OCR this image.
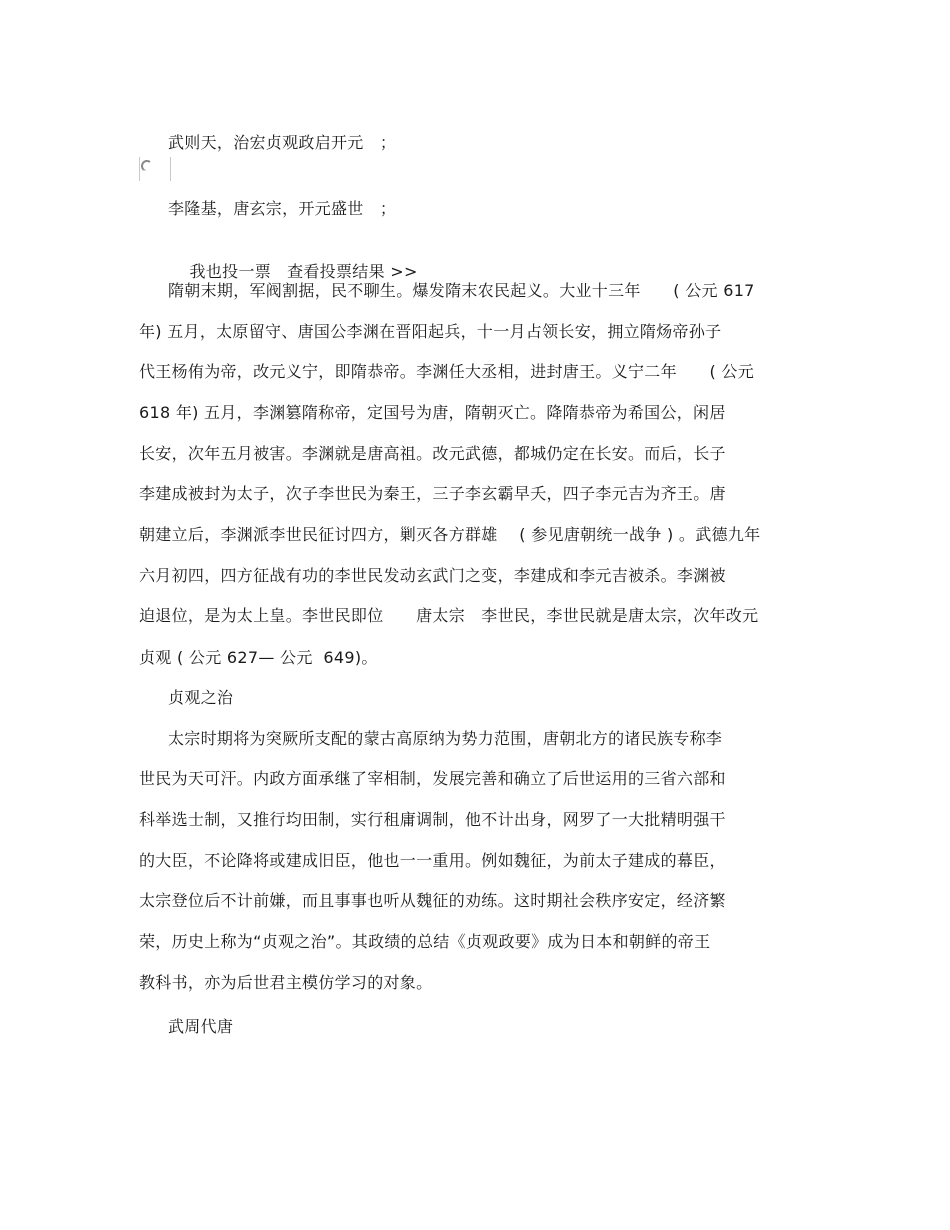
武则天，治宏贞观政启开元　；
李隆基，唐玄宗，开元盛世　；

我也投一票 查看投票结果 >>

隋朝末期，军阀割据，民不聊生。爆发隋末农民起义。大业十三年　　( 公元 617
年) 五月，太原留守、唐国公李渊在晋阳起兵，十一月占领长安，拥立隋炀帝孙子
代王杨侑为帝，改元义宁，即隋恭帝。李渊任大丞相，进封唐王。义宁二年　　( 公元
618 年) 五月，李渊篡隋称帝，定国号为唐，隋朝灭亡。降隋恭帝为希国公，闲居
长安，次年五月被害。李渊就是唐高祖。改元武德，都城仍定在长安。而后，长子
李建成被封为太子，次子李世民为秦王，三子李玄霸早夭，四子李元吉为齐王。唐
朝建立后，李渊派李世民征讨四方，剿灭各方群雄　 ( 参见唐朝统一战争 ) 。武德九年
六月初四，四方征战有功的李世民发动玄武门之变，李建成和李元吉被杀。李渊被
迫退位，是为太上皇。李世民即位　　唐太宗　李世民，李世民就是唐太宗，次年改元
贞观 ( 公元 627— 公元  649)。
贞观之治
太宗时期将为突厥所支配的蒙古高原纳为势力范围，唐朝北方的诸民族专称李
世民为天可汗。内政方面承继了宰相制，发展完善和确立了后世运用的三省六部和
科举选士制，又推行均田制，实行租庸调制，他不计出身，网罗了一大批精明强干
的大臣，不论降将或建成旧臣，他也一一重用。例如魏征，为前太子建成的幕臣，
太宗登位后不计前嫌，而且事事也听从魏征的劝练。这时期社会秩序安定，经济繁
荣，历史上称为“贞观之治”。其政绩的总结《贞观政要》成为日本和朝鲜的帝王
教科书，亦为后世君主模仿学习的对象。
武周代唐
